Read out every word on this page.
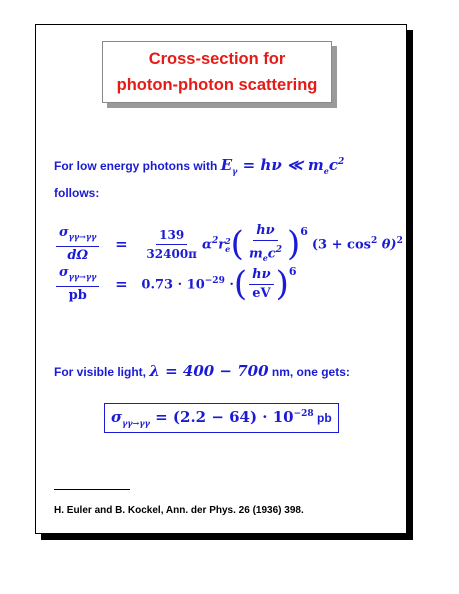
Cross-section for
photon-photon scattering
For low energy photons with $E_\gamma = h\nu$ ≪ $m_ec^2$
follows:
$\frac{\sigma_{\gamma\gamma\to\gamma\gamma}}{d\Omega}$	=	$\frac{139}{32400\pi} \alpha^2r$ 2
e ( $\frac{h\nu}{m_ec^2}$ ) 6
$(3 + \cos^2 \theta)^2$
$\frac{\sigma_{\gamma\gamma\to\gamma\gamma}}{pb}$	=	$0.73 \cdot 10^{-29}$ · ( $\frac{h\nu}{eV}$ ) 6
For visible light, λ = 400 − 700 nm, one gets:
$\sigma_{\gamma\gamma\to\gamma\gamma} = (2.2 - 64) \cdot 10^{-28}$ pb
H. Euler and B. Kockel, Ann. der Phys. 26 (1936) 398.
